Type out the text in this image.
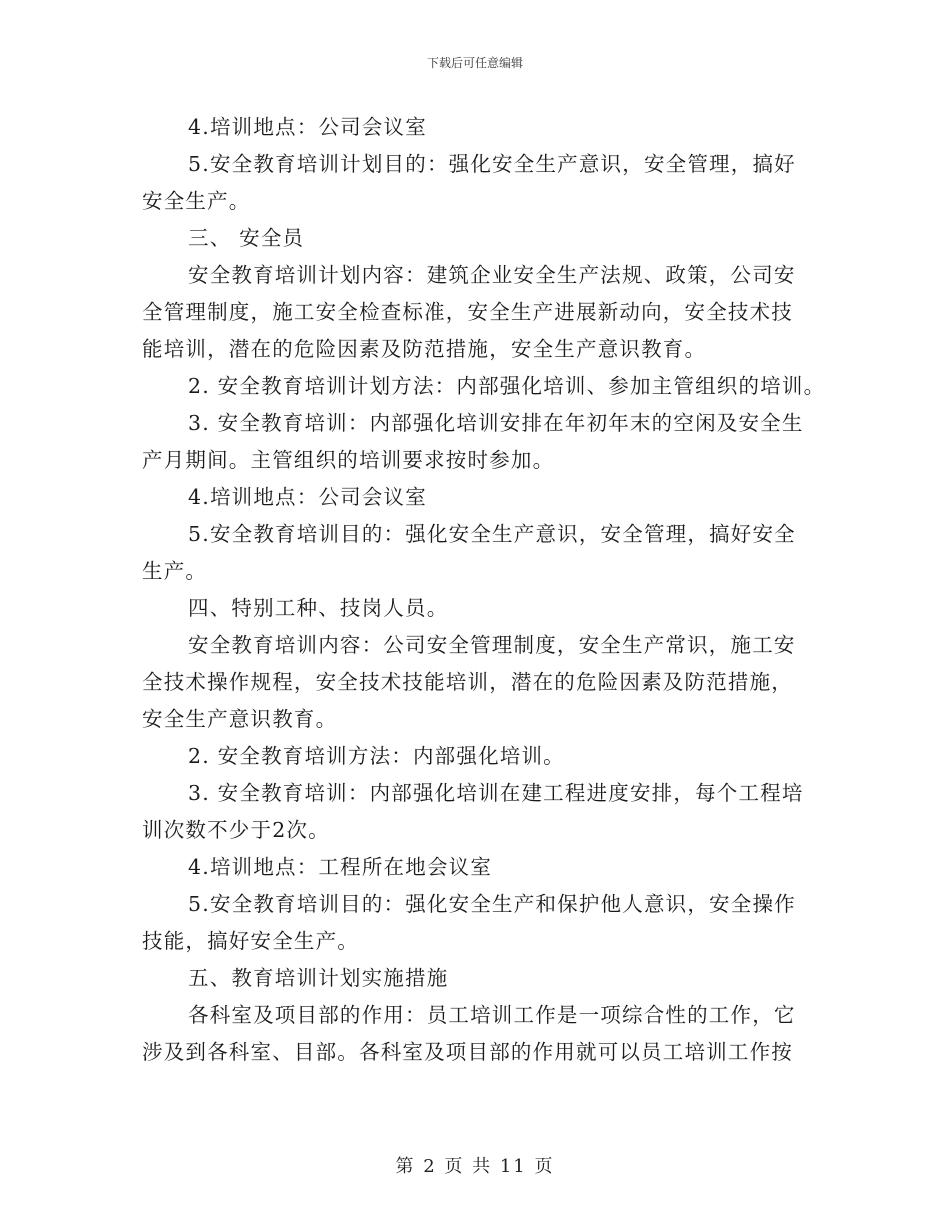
下载后可任意编辑
4.培训地点：公司会议室
5.安全教育培训计划目的：强化安全生产意识，安全管理，搞好
安全生产。
三、 安全员
安全教育培训计划内容：建筑企业安全生产法规、政策，公司安
全管理制度，施工安全检查标准，安全生产进展新动向，安全技术技
能培训，潜在的危险因素及防范措施，安全生产意识教育。
2. 安全教育培训计划方法：内部强化培训、参加主管组织的培训。
3. 安全教育培训：内部强化培训安排在年初年末的空闲及安全生
产月期间。主管组织的培训要求按时参加。
4.培训地点：公司会议室
5.安全教育培训目的：强化安全生产意识，安全管理，搞好安全
生产。
四、特别工种、技岗人员。
安全教育培训内容：公司安全管理制度，安全生产常识，施工安
全技术操作规程，安全技术技能培训，潜在的危险因素及防范措施，
安全生产意识教育。
2. 安全教育培训方法：内部强化培训。
3. 安全教育培训：内部强化培训在建工程进度安排，每个工程培
训次数不少于2次。
4.培训地点：工程所在地会议室
5.安全教育培训目的：强化安全生产和保护他人意识，安全操作
技能，搞好安全生产。
五、教育培训计划实施措施
各科室及项目部的作用：员工培训工作是一项综合性的工作，它
涉及到各科室、目部。各科室及项目部的作用就可以员工培训工作按
第 2 页 共 11 页
